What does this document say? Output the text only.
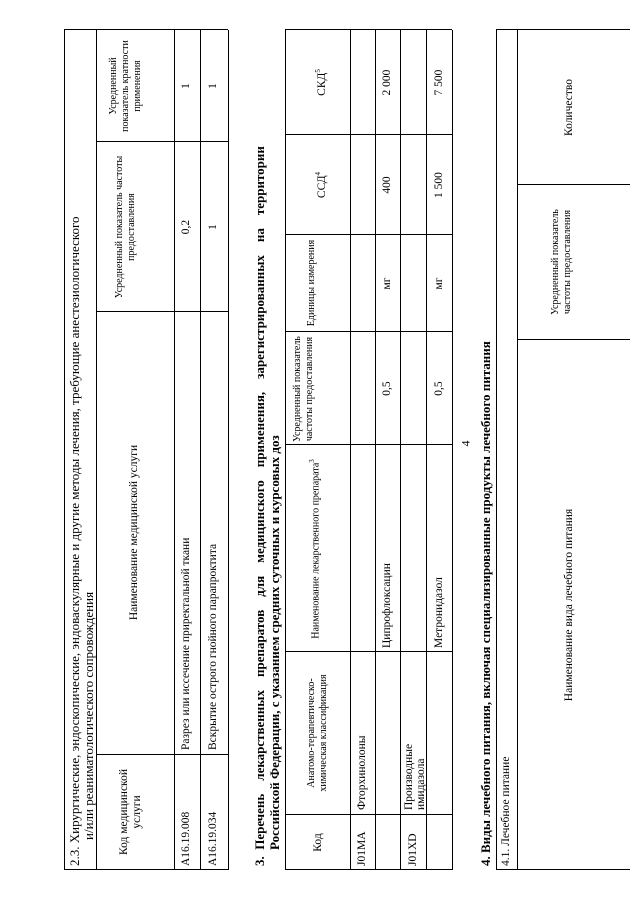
4
2.3. Хирургические, эндоскопические, эндоваскулярные и другие методы лечения, требующие анестезиологического и/или реаниматологического сопровождения Код медицинской услуги
Наименование медицинской услуги
Усредненный показатель частоты предоставления
Усредненный показатель кратности применения
A16.19.008
Разрез или иссечение приректальной ткани
0,2
1
A16.19.034
Вскрытие острого гнойного парапроктита
1
1
3.  Перечень    лекарственных    препаратов    для    медицинского    применения,    зарегистрированных    на    территории Российской Федерации, с указанием средних суточных и курсовых доз	Код
Анатомо-терапевтическо-химическая классификация
Наименование лекарственного препарата$^3$
Усредненный показатель частоты предоставления
Единицы измерения
ССД$^4$
СКД$^5$
J01MA
Фторхинолоны
Ципрофлоксацин
0,5
мг
400
2 000
J01XD
Производные имидазола
Метронидазол
0,5
мг
1 500
7 500
4. Виды лечебного питания, включая специализированные продукты лечебного питания 4.1. Лечебное питание
Наименование вида лечебного питания
Усредненный показатель частоты предоставления
Количество
